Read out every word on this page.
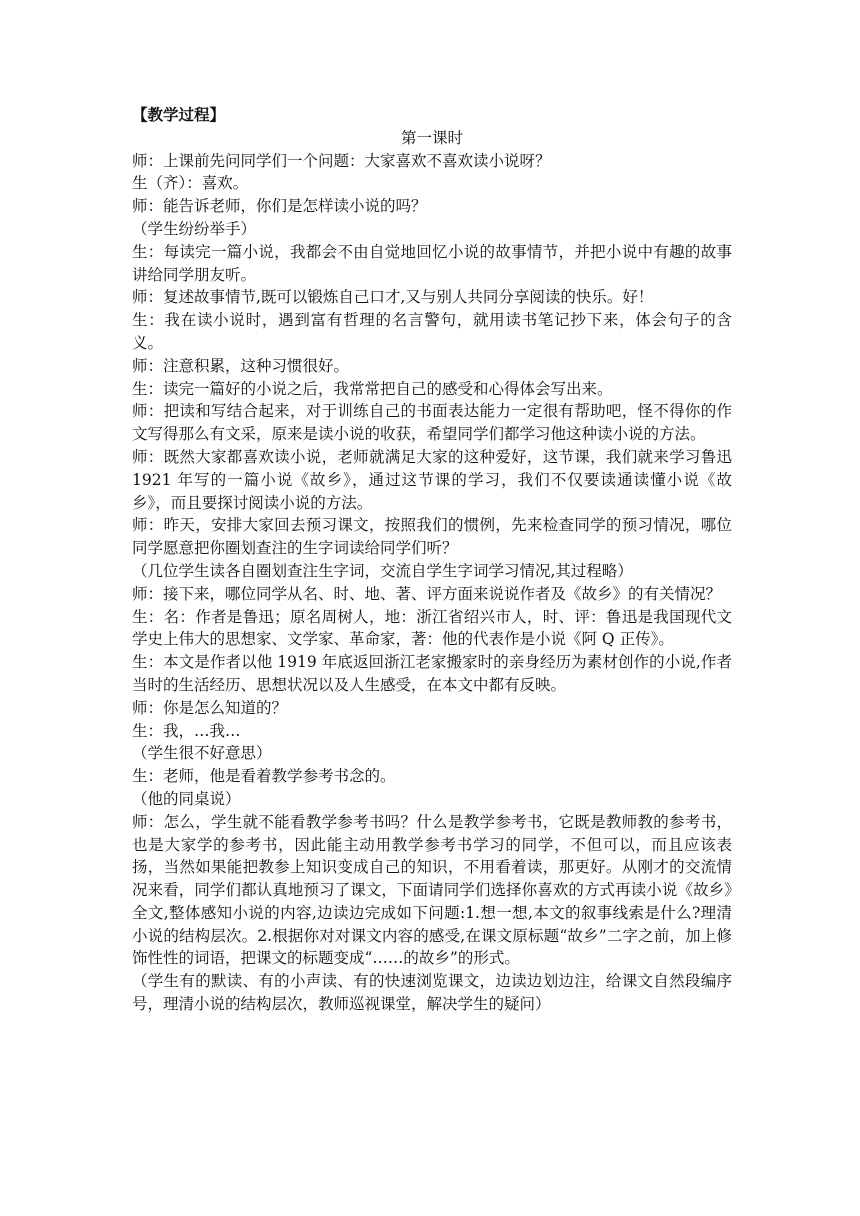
【教学过程】

第一课时

师：上课前先问同学们一个问题：大家喜欢不喜欢读小说呀？

生（齐）：喜欢。

师：能告诉老师，你们是怎样读小说的吗？

（学生纷纷举手）

生：每读完一篇小说，我都会不由自觉地回忆小说的故事情节，并把小说中有趣的故事讲给同学朋友听。

师：复述故事情节,既可以锻炼自己口才,又与别人共同分享阅读的快乐。好！

生：我在读小说时，遇到富有哲理的名言警句，就用读书笔记抄下来，体会句子的含义。

师：注意积累，这种习惯很好。

生：读完一篇好的小说之后，我常常把自己的感受和心得体会写出来。

师：把读和写结合起来，对于训练自己的书面表达能力一定很有帮助吧，怪不得你的作文写得那么有文采，原来是读小说的收获，希望同学们都学习他这种读小说的方法。

师：既然大家都喜欢读小说，老师就满足大家的这种爱好，这节课，我们就来学习鲁迅 1921 年写的一篇小说《故乡》，通过这节课的学习，我们不仅要读通读懂小说《故乡》，而且要探讨阅读小说的方法。

师：昨天，安排大家回去预习课文，按照我们的惯例，先来检查同学的预习情况，哪位同学愿意把你圈划查注的生字词读给同学们听？

（几位学生读各自圈划查注生字词，交流自学生字词学习情况,其过程略）

师：接下来，哪位同学从名、时、地、著、评方面来说说作者及《故乡》的有关情况？

生：名：作者是鲁迅；原名周树人，地：浙江省绍兴市人，时、评：鲁迅是我国现代文学史上伟大的思想家、文学家、革命家，著：他的代表作是小说《阿 Q 正传》。

生：本文是作者以他 1919 年底返回浙江老家搬家时的亲身经历为素材创作的小说,作者当时的生活经历、思想状况以及人生感受，在本文中都有反映。

师：你是怎么知道的？

生：我，…我…

（学生很不好意思）

生：老师，他是看着教学参考书念的。

（他的同桌说）

师：怎么，学生就不能看教学参考书吗？什么是教学参考书，它既是教师教的参考书，也是大家学的参考书，因此能主动用教学参考书学习的同学，不但可以，而且应该表扬，当然如果能把教参上知识变成自己的知识，不用看着读，那更好。从刚才的交流情况来看，同学们都认真地预习了课文，下面请同学们选择你喜欢的方式再读小说《故乡》全文,整体感知小说的内容,边读边完成如下问题:1.想一想,本文的叙事线索是什么?理清小说的结构层次。2.根据你对对课文内容的感受,在课文原标题“故乡”二字之前，加上修饰性性的词语，把课文的标题变成“……的故乡”的形式。

（学生有的默读、有的小声读、有的快速浏览课文，边读边划边注，给课文自然段编序号，理清小说的结构层次，教师巡视课堂，解决学生的疑问）
